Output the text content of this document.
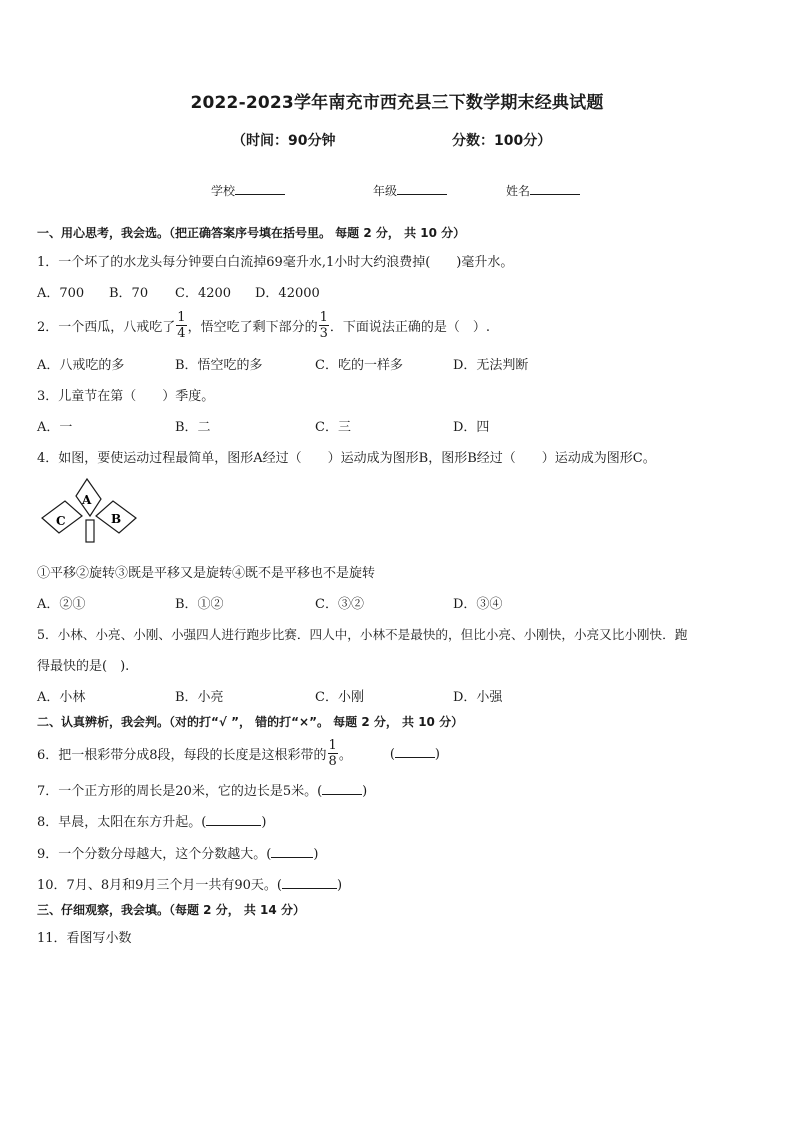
2022-2023学年南充市西充县三下数学期末经典试题
（时间：90分钟	分数：100分）
学校	年级	姓名
一、用心思考，我会选。（把正确答案序号填在括号里。 每题 2 分， 共 10 分）
1．一个坏了的水龙头每分钟要白白流掉69毫升水,1小时大约浪费掉(　　)毫升水。
A．700 B．70 C．4200 D．42000
2．一个西瓜，八戒吃了 $\frac{1}{4}$ ，悟空吃了剩下部分的 $\frac{1}{3}$ ．下面说法正确的是（　）.
A．八戒吃的多	B．悟空吃的多	C．吃的一样多	D．无法判断
3．儿童节在第（　　）季度。
A．一	B．二	C．三	D．四
4．如图，要使运动过程最简单，图形A经过（　　）运动成为图形B，图形B经过（　　）运动成为图形C。
A
B
C
①平移②旋转③既是平移又是旋转④既不是平移也不是旋转
A．②①	B．①②	C．③②	D．③④
5．小林、小亮、小刚、小强四人进行跑步比赛．四人中，小林不是最快的，但比小亮、小刚快，小亮又比小刚快．跑
得最快的是(　).
A．小林	B．小亮	C．小刚	D．小强
二、认真辨析，我会判。（对的打“√ ”， 错的打“×”。 每题 2 分， 共 10 分）
6．把一根彩带分成8段，每段的长度是这根彩带的 $\frac{1}{8}$ 。	(	)
7．一个正方形的周长是20米，它的边长是5米。(	)
8．早晨，太阳在东方升起。(	)
9．一个分数分母越大，这个分数越大。(	)
10．7月、8月和9月三个月一共有90天。(	)
三、仔细观察，我会填。（每题 2 分， 共 14 分）
11．看图写小数
